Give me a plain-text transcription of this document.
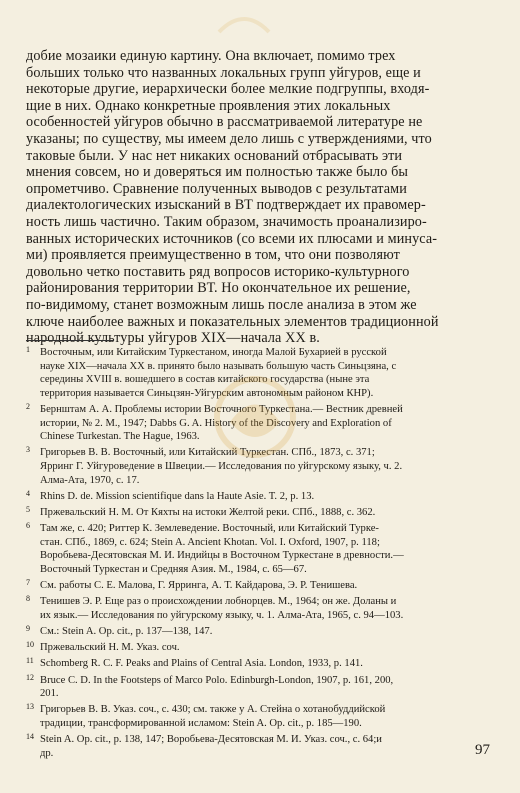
добие мозаики единую картину. Она включает, помимо трех
больших только что названных локальных групп уйгуров, еще и
некоторые другие, иерархически более мелкие подгруппы, входя-
щие в них. Однако конкретные проявления этих локальных
особенностей уйгуров обычно в рассматриваемой литературе не
указаны; по существу, мы имеем дело лишь с утверждениями, что
таковые были. У нас нет никаких оснований отбрасывать эти
мнения совсем, но и доверяться им полностью также было бы
опрометчиво. Сравнение полученных выводов с результатами
диалектологических изысканий в ВТ подтверждает их правомер-
ность лишь частично. Таким образом, значимость проанализиро-
ванных исторических источников (со всеми их плюсами и минуса-
ми) проявляется преимущественно в том, что они позволяют
довольно четко поставить ряд вопросов историко-культурного
районирования территории ВТ. Но окончательное их решение,
по-видимому, станет возможным лишь после анализа в этом же
ключе наиболее важных и показательных элементов традиционной
народной культуры уйгуров XIX—начала XX в.
1 Восточным, или Китайским Туркестаном, иногда Малой Бухарией в русской
науке XIX—начала XX в. принято было называть большую часть Синьцзяна, с
середины XVIII в. вошедшего в состав китайского государства (ныне эта
территория называется Синьцзян-Уйгурским автономным районом КНР).
2 Бернштам А. А. Проблемы истории Восточного Туркестана.— Вестник древней
истории, № 2. М., 1947; Dabbs G. A. History of the Discovery and Exploration of
Chinese Turkestan. The Hague, 1963.
3 Григорьев В. В. Восточный, или Китайский Туркестан. СПб., 1873, с. 371;
Ярринг Г. Уйгуроведение в Швеции.— Исследования по уйгурскому языку, ч. 2.
Алма-Ата, 1970, с. 17.
4 Rhins D. de. Mission scientifique dans la Haute Asie. T. 2, p. 13.
5 Пржевальский Н. М. От Кяхты на истоки Желтой реки. СПб., 1888, с. 362.
6 Там же, с. 420; Риттер К. Землеведение. Восточный, или Китайский Турке-
стан. СПб., 1869, с. 624; Stein A. Ancient Khotan. Vol. I. Oxford, 1907, p. 118;
Воробьева-Десятовская М. И. Индийцы в Восточном Туркестане в древности.—
Восточный Туркестан и Средняя Азия. М., 1984, с. 65—67.
7 См. работы С. Е. Малова, Г. Ярринга, А. Т. Кайдарова, Э. Р. Тенишева.
8 Тенишев Э. Р. Еще раз о происхождении лобнорцев. М., 1964; он же. Доланы и
их язык.— Исследования по уйгурскому языку, ч. 1. Алма-Ата, 1965, с. 94—103.
9 См.: Stein A. Op. cit., p. 137—138, 147.
10 Пржевальский Н. М. Указ. соч.
11 Schomberg R. C. F. Peaks and Plains of Central Asia. London, 1933, p. 141.
12 Bruce C. D. In the Footsteps of Marco Polo. Edinburgh-London, 1907, p. 161, 200,
201.
13 Григорьев В. В. Указ. соч., с. 430; см. также у А. Стейна о хотанобуддийской
традиции, трансформированной исламом: Stein A. Op. cit., p. 185—190.
14 Stein A. Op. cit., p. 138, 147; Воробьева-Десятовская М. И. Указ. соч., с. 64;и
др.	97
